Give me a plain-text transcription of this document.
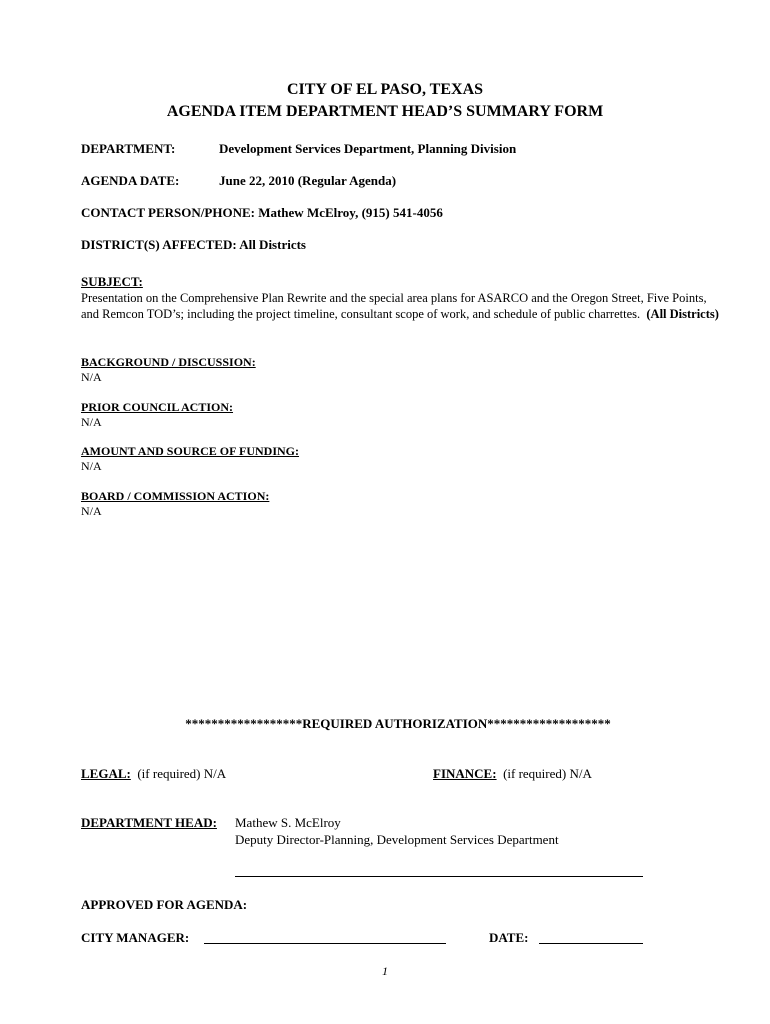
CITY OF EL PASO, TEXAS
AGENDA ITEM DEPARTMENT HEAD’S SUMMARY FORM
DEPARTMENT:	Development Services Department, Planning Division
AGENDA DATE:	June 22, 2010 (Regular Agenda)
CONTACT PERSON/PHONE: Mathew McElroy, (915) 541-4056
DISTRICT(S) AFFECTED: All Districts
SUBJECT:
Presentation on the Comprehensive Plan Rewrite and the special area plans for ASARCO and the Oregon Street, Five Points, and Remcon TOD’s; including the project timeline, consultant scope of work, and schedule of public charrettes. (All Districts)
BACKGROUND / DISCUSSION:
N/A
PRIOR COUNCIL ACTION:
N/A
AMOUNT AND SOURCE OF FUNDING:
N/A
BOARD / COMMISSION ACTION:
N/A
******************REQUIRED AUTHORIZATION*******************
LEGAL: (if required) N/A	FINANCE: (if required) N/A
DEPARTMENT HEAD: Mathew S. McElroy
Deputy Director-Planning, Development Services Department
APPROVED FOR AGENDA:
CITY MANAGER:	DATE:
1
